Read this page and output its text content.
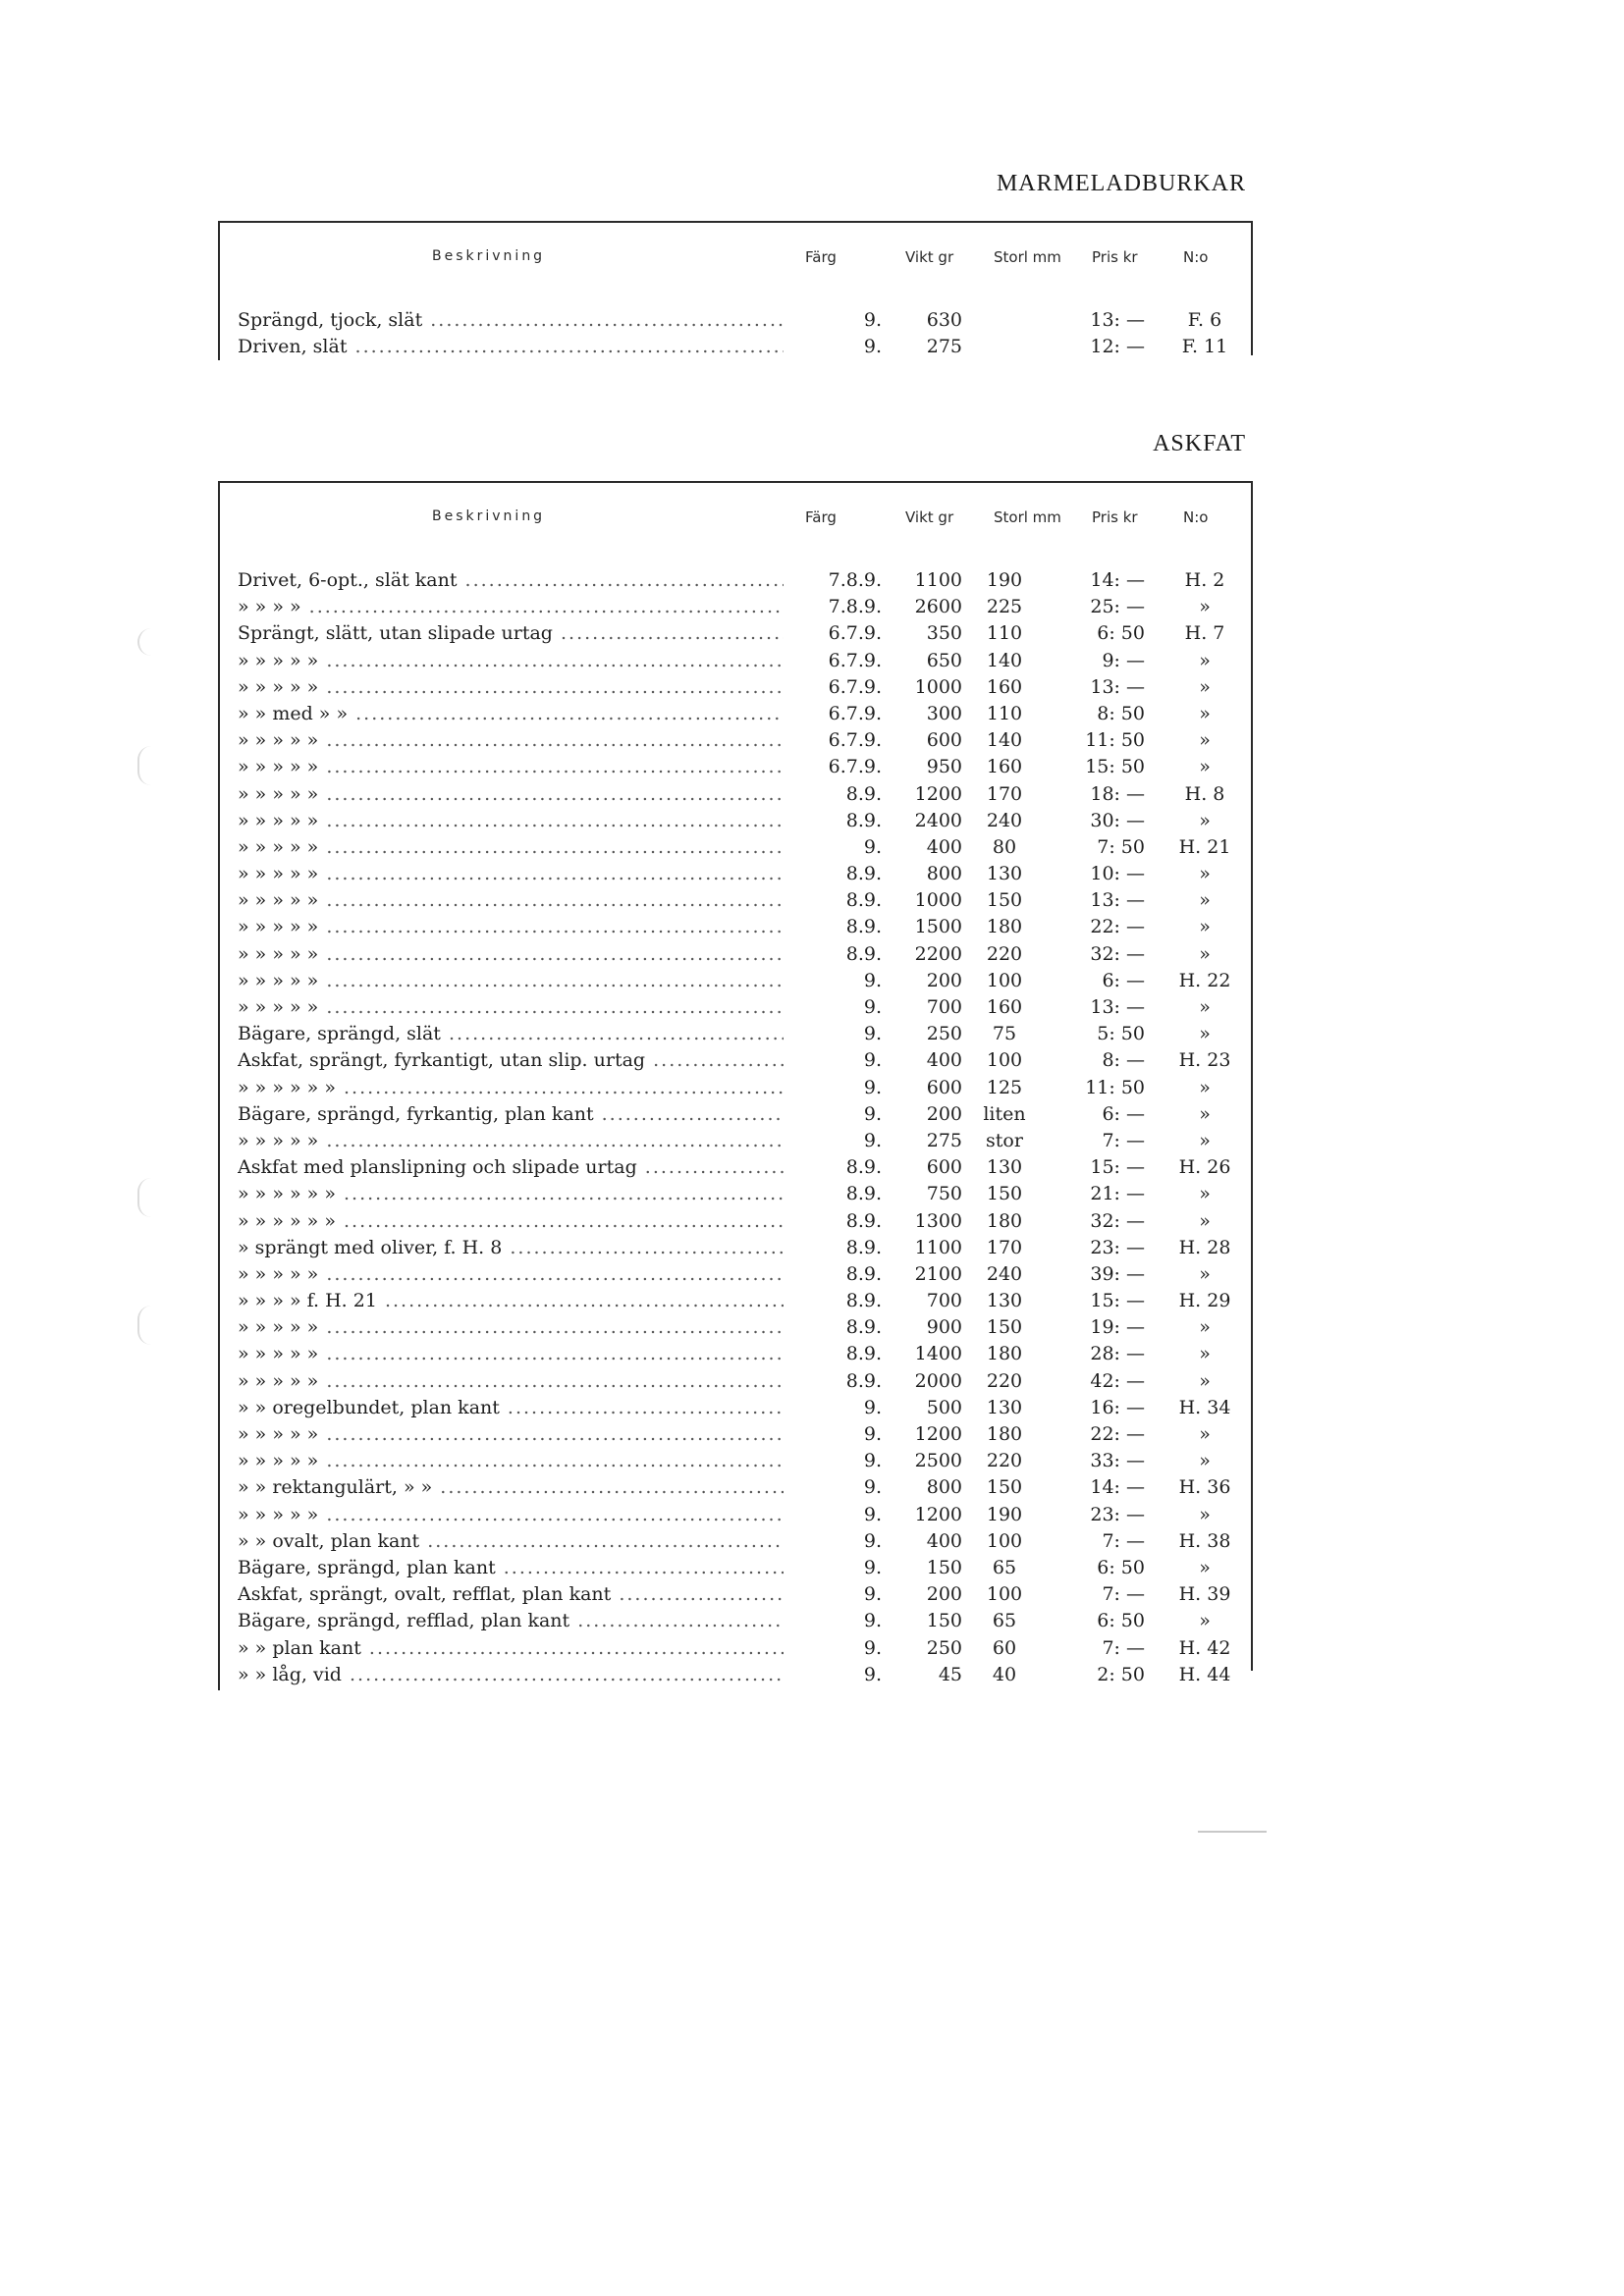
MARMELADBURKAR
Beskrivning	Färg	Vikt gr	Storl mm Pris kr	N:o
Sprängd, tjock, slät .....	9. 630	13: —	F. 6
Driven, slät .....	9. 275	12: —	F. 11
ASKFAT
Beskrivning	Färg	Vikt gr	Storl mm Pris kr	N:o
Drivet, 6-opt., slät kant .....	7.8.9. 1100	190	14: —	H. 2
» » » » .....	7.8.9. 2600	225	25: —	»
Sprängt, slätt, utan slipade urtag .....	6.7.9. 350	110	6: 50	H. 7
» » » » » .....	6.7.9. 650	140	9: —	»
» » » » » .....	6.7.9. 1000	160	13: —	»
» » med » » .....	6.7.9. 300	110	8: 50	»
» » » » » .....	6.7.9. 600	140	11: 50	»
» » » » » .....	6.7.9. 950	160	15: 50	»
» » » » » .....	8.9. 1200	170	18: —	H. 8
» » » » » .....	8.9. 2400	240	30: —	»
» » » » » .....	9. 400	80	7: 50	H. 21
» » » » » .....	8.9. 800	130	10: —	»
» » » » » .....	8.9. 1000	150	13: —	»
» » » » » .....	8.9. 1500	180	22: —	»
» » » » » .....	8.9. 2200	220	32: —	»
» » » » » .....	9. 200	100	6: —	H. 22
» » » » » .....	9. 700	160	13: —	»
Bägare, sprängd, slät .....	9. 250	75	5: 50	»
Askfat, sprängt, fyrkantigt, utan slip. urtag .....	9. 400	100	8: —	H. 23
» » » » » » .....	9. 600	125	11: 50	»
Bägare, sprängd, fyrkantig, plan kant .....	9. 200	liten	6: —	»
» » » » » .....	9. 275	stor	7: —	»
Askfat med planslipning och slipade urtag .....	8.9. 600	130	15: —	H. 26
» » » » » » .....	8.9. 750	150	21: —	»
» » » » » » .....	8.9. 1300	180	32: —	»
» sprängt med oliver, f. H. 8 .....	8.9. 1100	170	23: —	H. 28
» » » » » .....	8.9. 2100	240	39: —	»
» » » » f. H. 21 .....	8.9. 700	130	15: —	H. 29
» » » » » .....	8.9. 900	150	19: —	»
» » » » » .....	8.9. 1400	180	28: —	»
» » » » » .....	8.9. 2000	220	42: —	»
» » oregelbundet, plan kant .....	9. 500	130	16: —	H. 34
» » » » » .....	9. 1200	180	22: —	»
» » » » » .....	9. 2500	220	33: —	»
» » rektangulärt, » » .....	9. 800	150	14: —	H. 36
» » » » » .....	9. 1200	190	23: —	»
» » ovalt, plan kant .....	9. 400	100	7: —	H. 38
Bägare, sprängd, plan kant .....	9. 150	65	6: 50	»
Askfat, sprängt, ovalt, refflat, plan kant .....	9. 200	100	7: —	H. 39
Bägare, sprängd, refflad, plan kant .....	9. 150	65	6: 50	»
» » plan kant .....	9. 250	60	7: —	H. 42
» » låg, vid .....	9.	45	40	2: 50	H. 44
